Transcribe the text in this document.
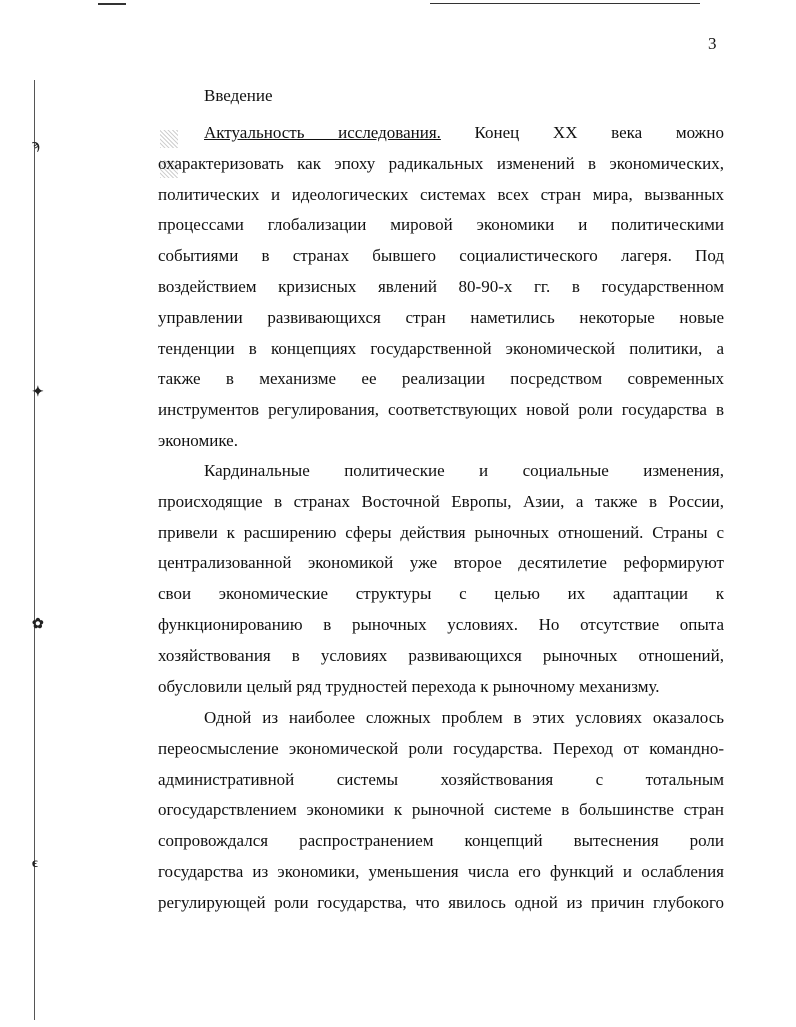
ϡ
✦
✿
ϵ
3
Введение
Актуальность исследования. Конец XX века можно
охарактеризовать как эпоху радикальных изменений в экономических,
политических и идеологических системах всех стран мира, вызванных
процессами глобализации мировой экономики и политическими
событиями в странах бывшего социалистического лагеря. Под
воздействием кризисных явлений 80-90-х гг. в государственном
управлении развивающихся стран наметились некоторые новые
тенденции в концепциях государственной экономической политики, а
также в механизме ее реализации посредством современных
инструментов регулирования, соответствующих новой роли государства в
экономике.
Кардинальные политические и социальные изменения,
происходящие в странах Восточной Европы, Азии, а также в России,
привели к расширению сферы действия рыночных отношений. Страны с
централизованной экономикой уже второе десятилетие реформируют
свои экономические структуры с целью их адаптации к
функционированию в рыночных условиях. Но отсутствие опыта
хозяйствования в условиях развивающихся рыночных отношений,
обусловили целый ряд трудностей перехода к рыночному механизму.
Одной из наиболее сложных проблем в этих условиях оказалось
переосмысление экономической роли государства. Переход от командно-
административной системы хозяйствования с тотальным
огосударствлением экономики к рыночной системе в большинстве стран
сопровождался распространением концепций вытеснения роли
государства из экономики, уменьшения числа его функций и ослабления
регулирующей роли государства, что явилось одной из причин глубокого
